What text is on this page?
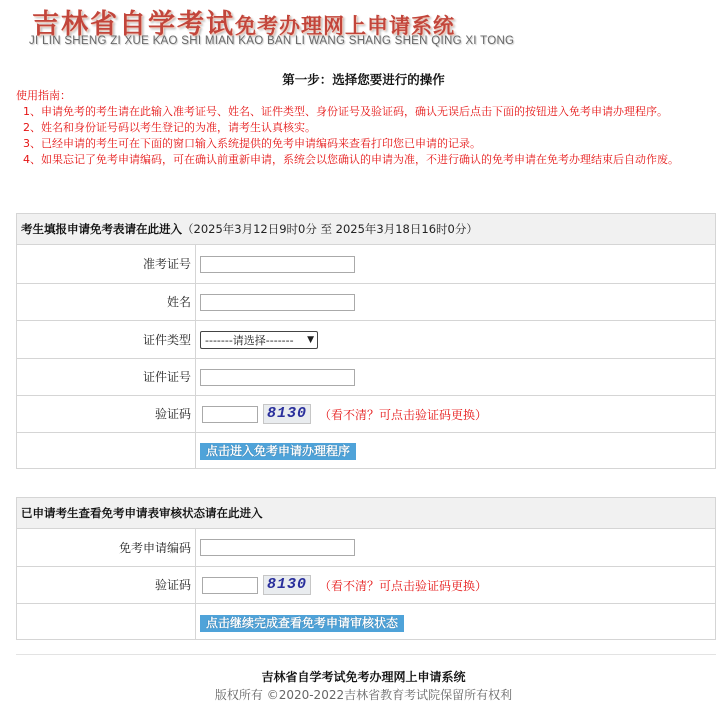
吉林省自学考试免考办理网上申请系统
JI LIN SHENG ZI XUE KAO SHI MIAN KAO BAN LI WANG SHANG SHEN QING XI TONG
第一步：选择您要进行的操作

使用指南：

1、申请免考的考生请在此输入准考证号、姓名、证件类型、身份证号及验证码，确认无误后点击下面的按钮进入免考申请办理程序。

2、姓名和身份证号码以考生登记的为准，请考生认真核实。

3、已经申请的考生可在下面的窗口输入系统提供的免考申请编码来查看打印您已申请的记录。

4、如果忘记了免考申请编码，可在确认前重新申请，系统会以您确认的申请为准，不进行确认的免考申请在免考办理结束后自动作废。

考生填报申请免考表请在此进入（2025年3月12日9时0分 至 2025年3月18日16时0分）
准考证号
姓名
证件类型	-------请选择------- ▼
证件证号
验证码	8130	（看不清？可点击验证码更换）
点击进入免考申请办理程序
已申请考生查看免考申请表审核状态请在此进入
免考申请编码
验证码	8130	（看不清？可点击验证码更换）
点击继续完成查看免考申请审核状态
吉林省自学考试免考办理网上申请系统
版权所有 ©2020-2022吉林省教育考试院保留所有权利
